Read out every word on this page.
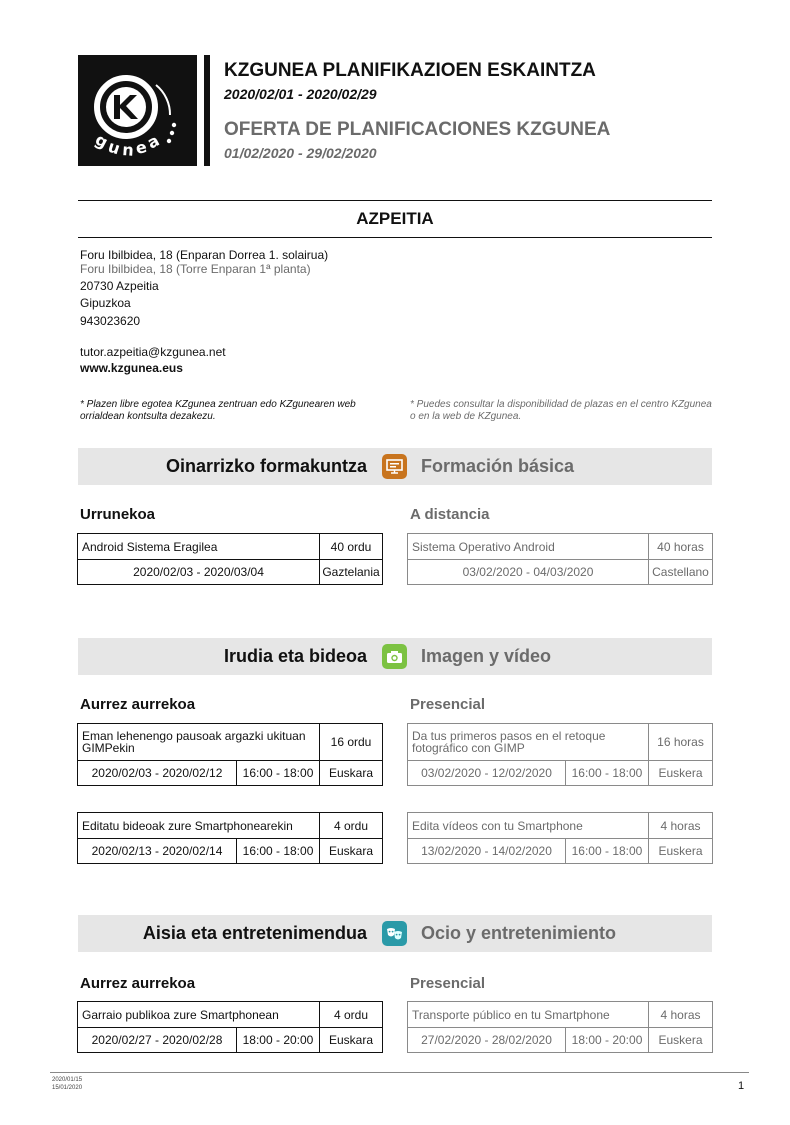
g
u n e
a
KZGUNEA PLANIFIKAZIOEN ESKAINTZA
2020/02/01 - 2020/02/29
OFERTA DE PLANIFICACIONES KZGUNEA
01/02/2020 - 29/02/2020
AZPEITIA
Foru Ibilbidea, 18 (Enparan Dorrea 1. solairua)
Foru Ibilbidea, 18 (Torre Enparan 1ª planta)
20730 Azpeitia
Gipuzkoa
943023620
tutor.azpeitia@kzgunea.net
www.kzgunea.eus
* Plazen libre egotea KZgunea zentruan edo KZgunearen web orrialdean kontsulta dezakezu.
* Puedes consultar la disponibilidad de plazas en el centro KZgunea o en la web de KZgunea.
Oinarrizko formakuntza	Formación básica
Urrunekoa	A distancia
Android Sistema Eragilea	40 ordu
2020/02/03 - 2020/03/04	Gaztelania
Sistema Operativo Android	40 horas
03/02/2020 - 04/03/2020	Castellano
Irudia eta bideoa	Imagen y vídeo
Aurrez aurrekoa	Presencial
Eman lehenengo pausoak argazki ukituan GIMPekin		16 ordu
2020/02/03 - 2020/02/12	16:00 - 18:00	Euskara
Da tus primeros pasos en el retoque fotográfico con GIMP		16 horas
03/02/2020 - 12/02/2020	16:00 - 18:00	Euskera
Editatu bideoak zure Smartphonearekin		4 ordu
2020/02/13 - 2020/02/14	16:00 - 18:00	Euskara
Edita vídeos con tu Smartphone		4 horas
13/02/2020 - 14/02/2020	16:00 - 18:00	Euskera
Aisia eta entretenimendua	Ocio y entretenimiento
Aurrez aurrekoa	Presencial
Garraio publikoa zure Smartphonean		4 ordu
2020/02/27 - 2020/02/28	18:00 - 20:00	Euskara
Transporte público en tu Smartphone		4 horas
27/02/2020 - 28/02/2020	18:00 - 20:00	Euskera
2020/01/15
15/01/2020	1
